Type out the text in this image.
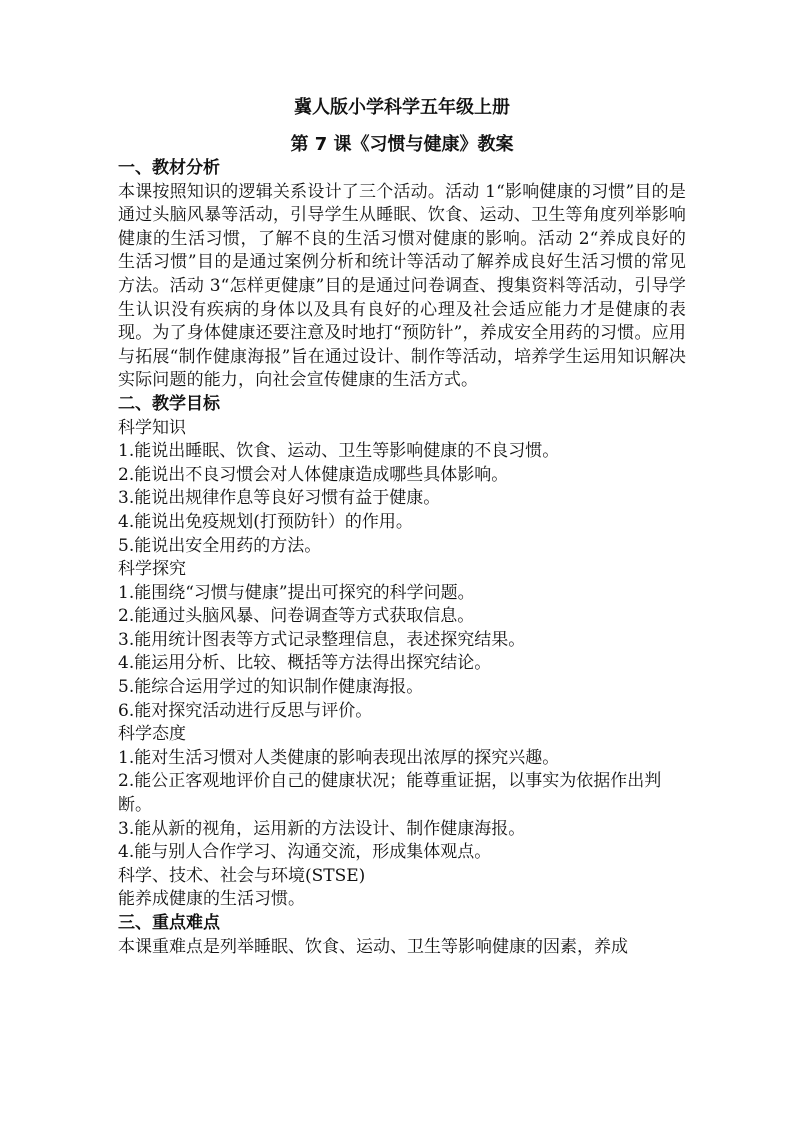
冀人版小学科学五年级上册

第 7 课《习惯与健康》教案

一、教材分析

本课按照知识的逻辑关系设计了三个活动。活动 1“影响健康的习惯”目的是通过头脑风暴等活动，引导学生从睡眠、饮食、运动、卫生等角度列举影响健康的生活习惯，了解不良的生活习惯对健康的影响。活动 2“养成良好的生活习惯”目的是通过案例分析和统计等活动了解养成良好生活习惯的常见方法。活动 3“怎样更健康”目的是通过问卷调查、搜集资料等活动，引导学生认识没有疾病的身体以及具有良好的心理及社会适应能力才是健康的表现。为了身体健康还要注意及时地打“预防针”，养成安全用药的习惯。应用与拓展“制作健康海报”旨在通过设计、制作等活动，培养学生运用知识解决实际问题的能力，向社会宣传健康的生活方式。

二、教学目标

科学知识

1.能说出睡眠、饮食、运动、卫生等影响健康的不良习惯。

2.能说出不良习惯会对人体健康造成哪些具体影响。

3.能说出规律作息等良好习惯有益于健康。

4.能说出免疫规划(打预防针）的作用。

5.能说出安全用药的方法。

科学探究

1.能围绕“习惯与健康”提出可探究的科学问题。

2.能通过头脑风暴、问卷调查等方式获取信息。

3.能用统计图表等方式记录整理信息，表述探究结果。

4.能运用分析、比较、概括等方法得出探究结论。

5.能综合运用学过的知识制作健康海报。

6.能对探究活动进行反思与评价。

科学态度

1.能对生活习惯对人类健康的影响表现出浓厚的探究兴趣。

2.能公正客观地评价自己的健康状况；能尊重证据，以事实为依据作出判断。

3.能从新的视角，运用新的方法设计、制作健康海报。

4.能与别人合作学习、沟通交流，形成集体观点。

科学、技术、社会与环境(STSE)

能养成健康的生活习惯。

三、重点难点

本课重难点是列举睡眠、饮食、运动、卫生等影响健康的因素，养成
